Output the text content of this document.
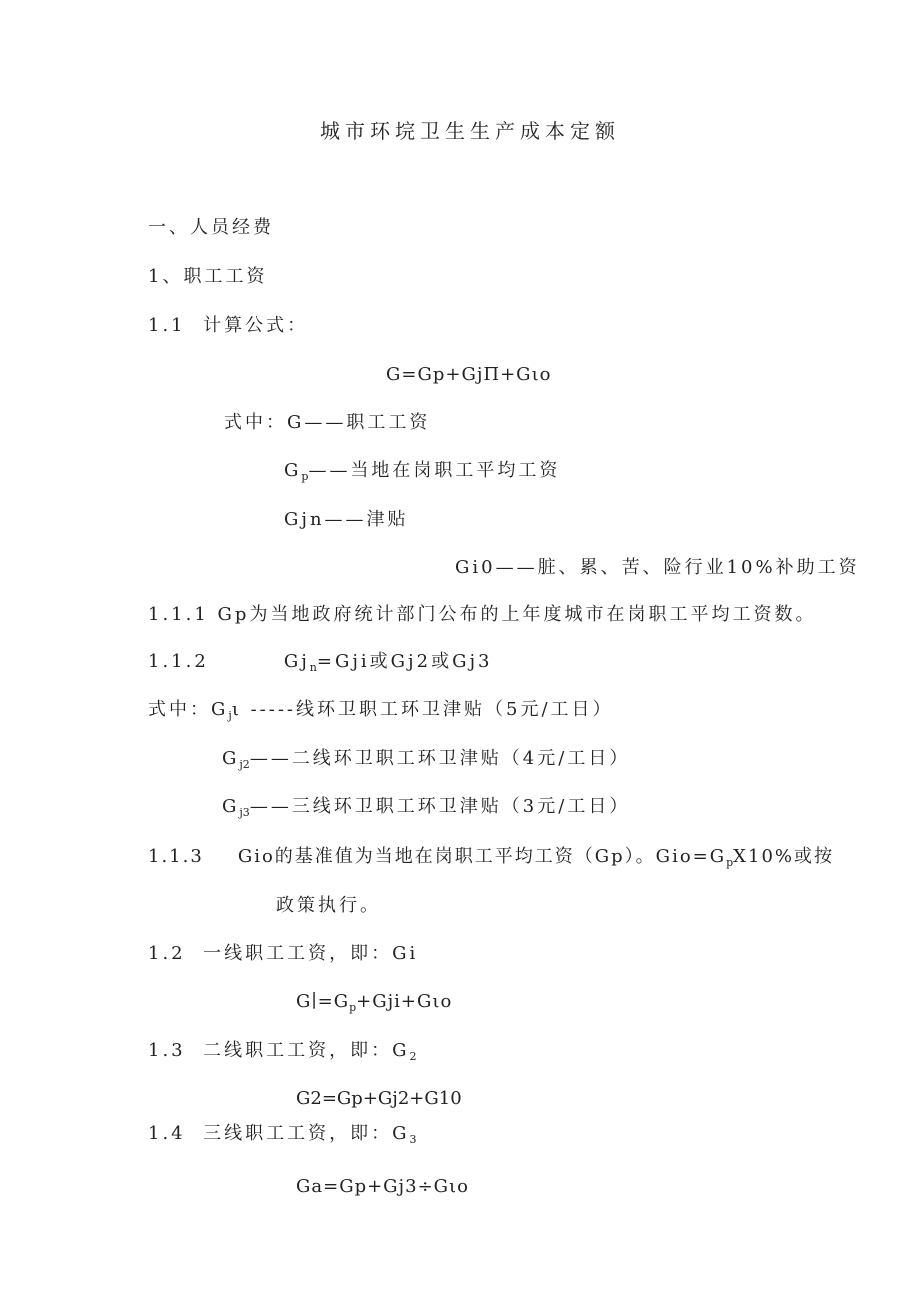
城市环垸卫生生产成本定额
一、人员经费
1、职工工资
1.1 计算公式：
G=Gp+GjΠ+Gιo
式中：G——职工工资
$G_p——$当地在岗职工平均工资
Gjn——津贴
Gi0——脏、累、苦、险行业10%补助工资
1.1.1 Gp为当地政府统计部门公布的上年度城市在岗职工平均工资数。
1.1.2	$Gj_n=Gji$或Gj2或Gj3
式中：$G_j\iota$ -----线环卫职工环卫津贴（5元/工日）
$G_{j2}——$二线环卫职工环卫津贴（4元/工日）
$G_{j3}——$三线环卫职工环卫津贴（3元/工日）
1.1.3 Gio的基准值为当地在岗职工平均工资（Gp）。$Gio=G_pX10\%$或按
政策执行。
1.2 一线职工工资，即：Gi
$G∣=G_p+Gji+G\iota o$
1.3 二线职工工资，即：$G_2$
G2=Gp+Gj2+G10
1.4 三线职工工资，即：$G_3$
Ga=Gp+Gj3÷Gιo
